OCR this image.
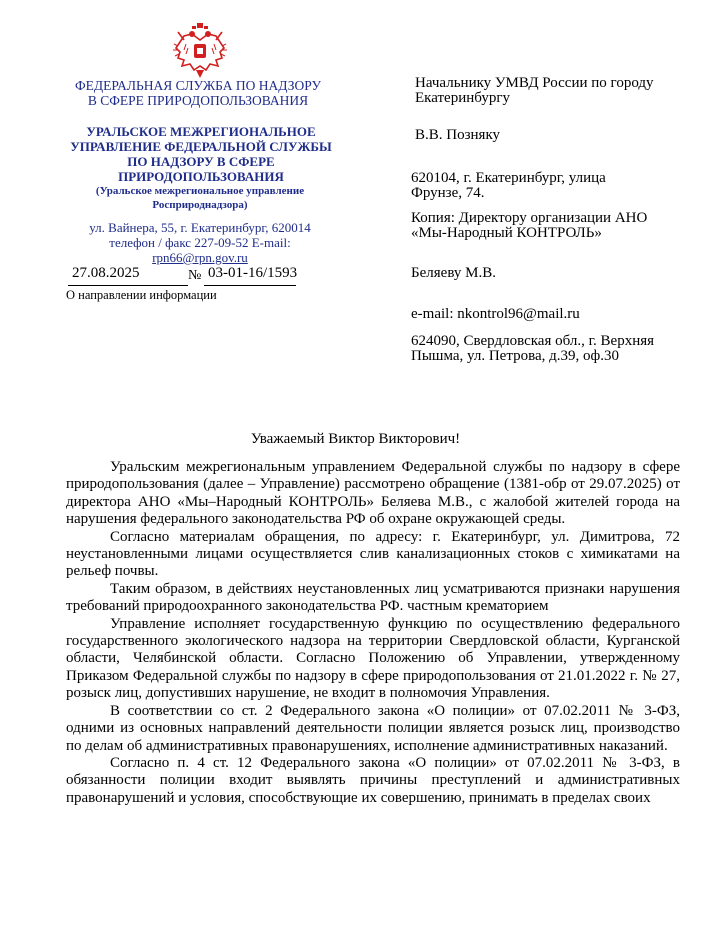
ФЕДЕРАЛЬНАЯ СЛУЖБА ПО НАДЗОРУ
В СФЕРЕ ПРИРОДОПОЛЬЗОВАНИЯ
УРАЛЬСКОЕ МЕЖРЕГИОНАЛЬНОЕ
УПРАВЛЕНИЕ ФЕДЕРАЛЬНОЙ СЛУЖБЫ
ПО НАДЗОРУ В СФЕРЕ
ПРИРОДОПОЛЬЗОВАНИЯ
(Уральское межрегиональное управление
Росприроднадзора)
ул. Вайнера, 55, г. Екатеринбург, 620014
телефон / факс 227-09-52 E-mail:
rpn66@rpn.gov.ru
27.08.2025	№ 03-01-16/1593
О направлении информации
Начальнику УМВД России по городу
Екатеринбургу
В.В. Позняку
620104, г. Екатеринбург, улица
Фрунзе, 74.
Копия: Директору организации АНО
«Мы-Народный КОНТРОЛЬ»
Беляеву М.В.
e-mail: nkontrol96@mail.ru
624090, Свердловская обл., г. Верхняя
Пышма, ул. Петрова, д.39, оф.30
Уважаемый Виктор Викторович!

Уральским межрегиональным управлением Федеральной службы по надзору в сфере природопользования (далее – Управление) рассмотрено обращение (1381-обр от 29.07.2025) от директора АНО «Мы–Народный КОНТРОЛЬ» Беляева М.В., с жалобой жителей города на нарушения федерального законодательства РФ об охране окружающей среды.

Согласно материалам обращения, по адресу: г. Екатеринбург, ул. Димитрова, 72 неустановленными лицами осуществляется слив канализационных стоков с химикатами на рельеф почвы.

Таким образом, в действиях неустановленных лиц усматриваются признаки нарушения требований природоохранного законодательства РФ. частным крематорием

Управление исполняет государственную функцию по осуществлению федерального государственного экологического надзора на территории Свердловской области, Курганской области, Челябинской области. Согласно Положению об Управлении, утвержденному Приказом Федеральной службы по надзору в сфере природопользования от 21.01.2022 г. № 27, розыск лиц, допустивших нарушение, не входит в полномочия Управления.

В соответствии со ст. 2 Федерального закона «О полиции» от 07.02.2011 № 3-ФЗ, одними из основных направлений деятельности полиции является розыск лиц, производство по делам об административных правонарушениях, исполнение административных наказаний.

Согласно п. 4 ст. 12 Федерального закона «О полиции» от 07.02.2011 № 3-ФЗ, в обязанности полиции входит выявлять причины преступлений и административных правонарушений и условия, способствующие их совершению, принимать в пределах своих
